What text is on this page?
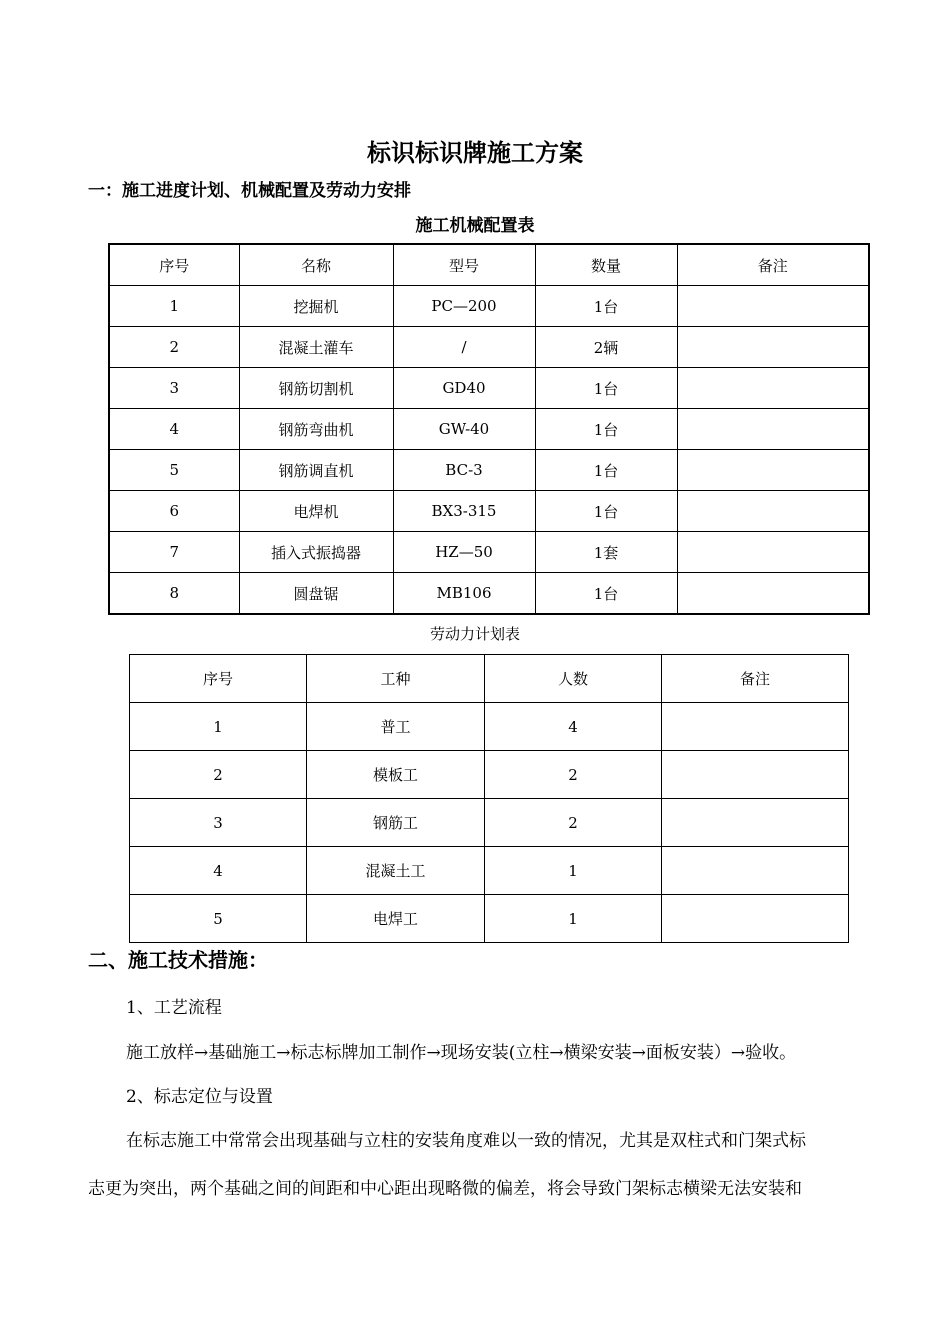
标识标识牌施工方案
一：施工进度计划、机械配置及劳动力安排
施工机械配置表
序号	名称	型号	数量	备注
1	挖掘机	PC—200	1台	
2	混凝土灌车	/	2辆	
3	钢筋切割机	GD40	1台	
4	钢筋弯曲机	GW-40	1台	
5	钢筋调直机	BC-3	1台	
6	电焊机	BX3-315	1台	
7	插入式振捣器	HZ—50	1套	
8	圆盘锯	MB106	1台	
劳动力计划表
序号	工种	人数	备注
1	普工	4	
2	模板工	2	
3	钢筋工	2	
4	混凝土工	1	
5	电焊工	1	
二、施工技术措施：
1、工艺流程
施工放样→基础施工→标志标牌加工制作→现场安装(立柱→横梁安装→面板安装）→验收。
2、标志定位与设置
在标志施工中常常会出现基础与立柱的安装角度难以一致的情况，尤其是双柱式和门架式标
志更为突出，两个基础之间的间距和中心距出现略微的偏差，将会导致门架标志横梁无法安装和
